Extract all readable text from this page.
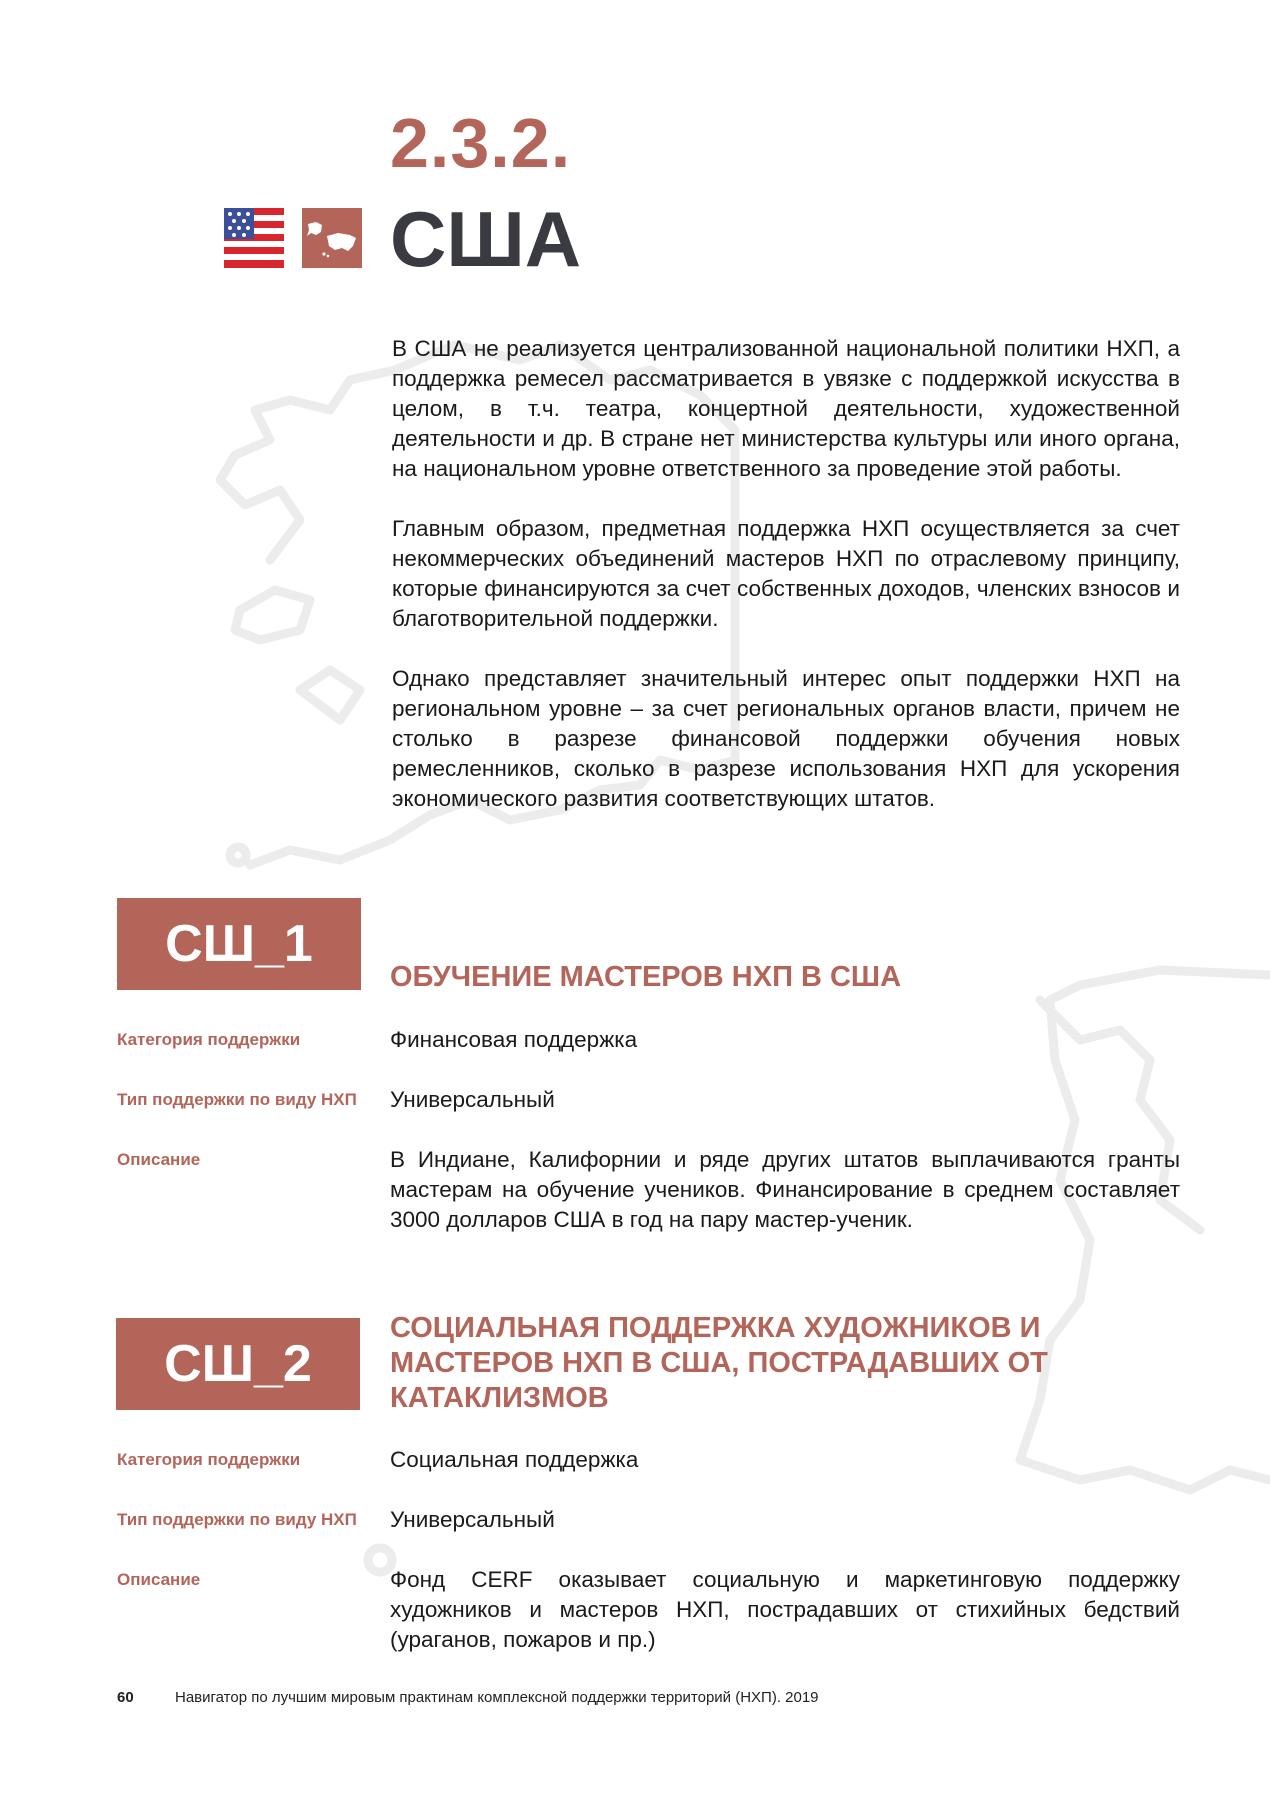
2.3.2.
США

В США не реализуется централизованной национальной политики НХП, а поддержка ремесел рассматривается в увязке с поддержкой искусства в целом, в т.ч. театра, концертной деятельности, художественной деятельности и др. В стране нет министерства культуры или иного органа, на национальном уровне ответственного за проведение этой работы.

Главным образом, предметная поддержка НХП осуществляется за счет некоммерческих объединений мастеров НХП по отраслевому принципу, которые финансируются за счет собственных доходов, членских взносов и благотворительной поддержки.

Однако представляет значительный интерес опыт поддержки НХП на региональном уровне – за счет региональных органов власти, причем не столько в разрезе финансовой поддержки обучения новых ремесленников, сколько в разрезе использования НХП для ускорения экономического развития соответствующих штатов.

СШ_1
ОБУЧЕНИЕ МАСТЕРОВ НХП В США
Категория поддержки	Финансовая поддержка
Тип поддержки по виду НХП Универсальный
Описание	В Индиане, Калифорнии и ряде других штатов выплачиваются гранты мастерам на обучение учеников. Финансирование в среднем составляет 3000 долларов США в год на пару мастер-ученик.
СШ_2
СОЦИАЛЬНАЯ ПОДДЕРЖКА ХУДОЖНИКОВ И МАСТЕРОВ НХП В США, ПОСТРАДАВШИХ ОТ КАТАКЛИЗМОВ
Категория поддержки	Социальная поддержка
Тип поддержки по виду НХП Универсальный
Описание	Фонд CERF оказывает социальную и маркетинговую поддержку художников и мастеров НХП, пострадавших от стихийных бедствий (ураганов, пожаров и пр.)
60	Навигатор по лучшим мировым практинам комплексной поддержки территорий (НХП). 2019
